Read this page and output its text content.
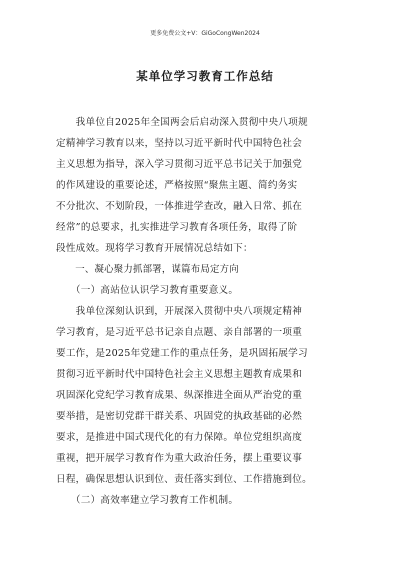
更多免费公文+V：GiGoCongWen2024
某单位学习教育工作总结
　　我单位自2025年全国两会后启动深入贯彻中央八项规
定精神学习教育以来，坚持以习近平新时代中国特色社会
主义思想为指导，深入学习贯彻习近平总书记关于加强党
的作风建设的重要论述，严格按照“聚焦主题、简约务实
不分批次、不划阶段，一体推进学查改，融入日常、抓在
经常”的总要求，扎实推进学习教育各项任务，取得了阶
段性成效。现将学习教育开展情况总结如下：
　　一、凝心聚力抓部署，谋篇布局定方向
　　（一）高站位认识学习教育重要意义。
　　我单位深刻认识到，开展深入贯彻中央八项规定精神
学习教育，是习近平总书记亲自点题、亲自部署的一项重
要工作，是2025年党建工作的重点任务，是巩固拓展学习
贯彻习近平新时代中国特色社会主义思想主题教育成果和
巩固深化党纪学习教育成果、纵深推进全面从严治党的重
要举措，是密切党群干群关系、巩固党的执政基础的必然
要求，是推进中国式现代化的有力保障。单位党组织高度
重视，把开展学习教育作为重大政治任务，摆上重要议事
日程，确保思想认识到位、责任落实到位、工作措施到位。
　　（二）高效率建立学习教育工作机制。
